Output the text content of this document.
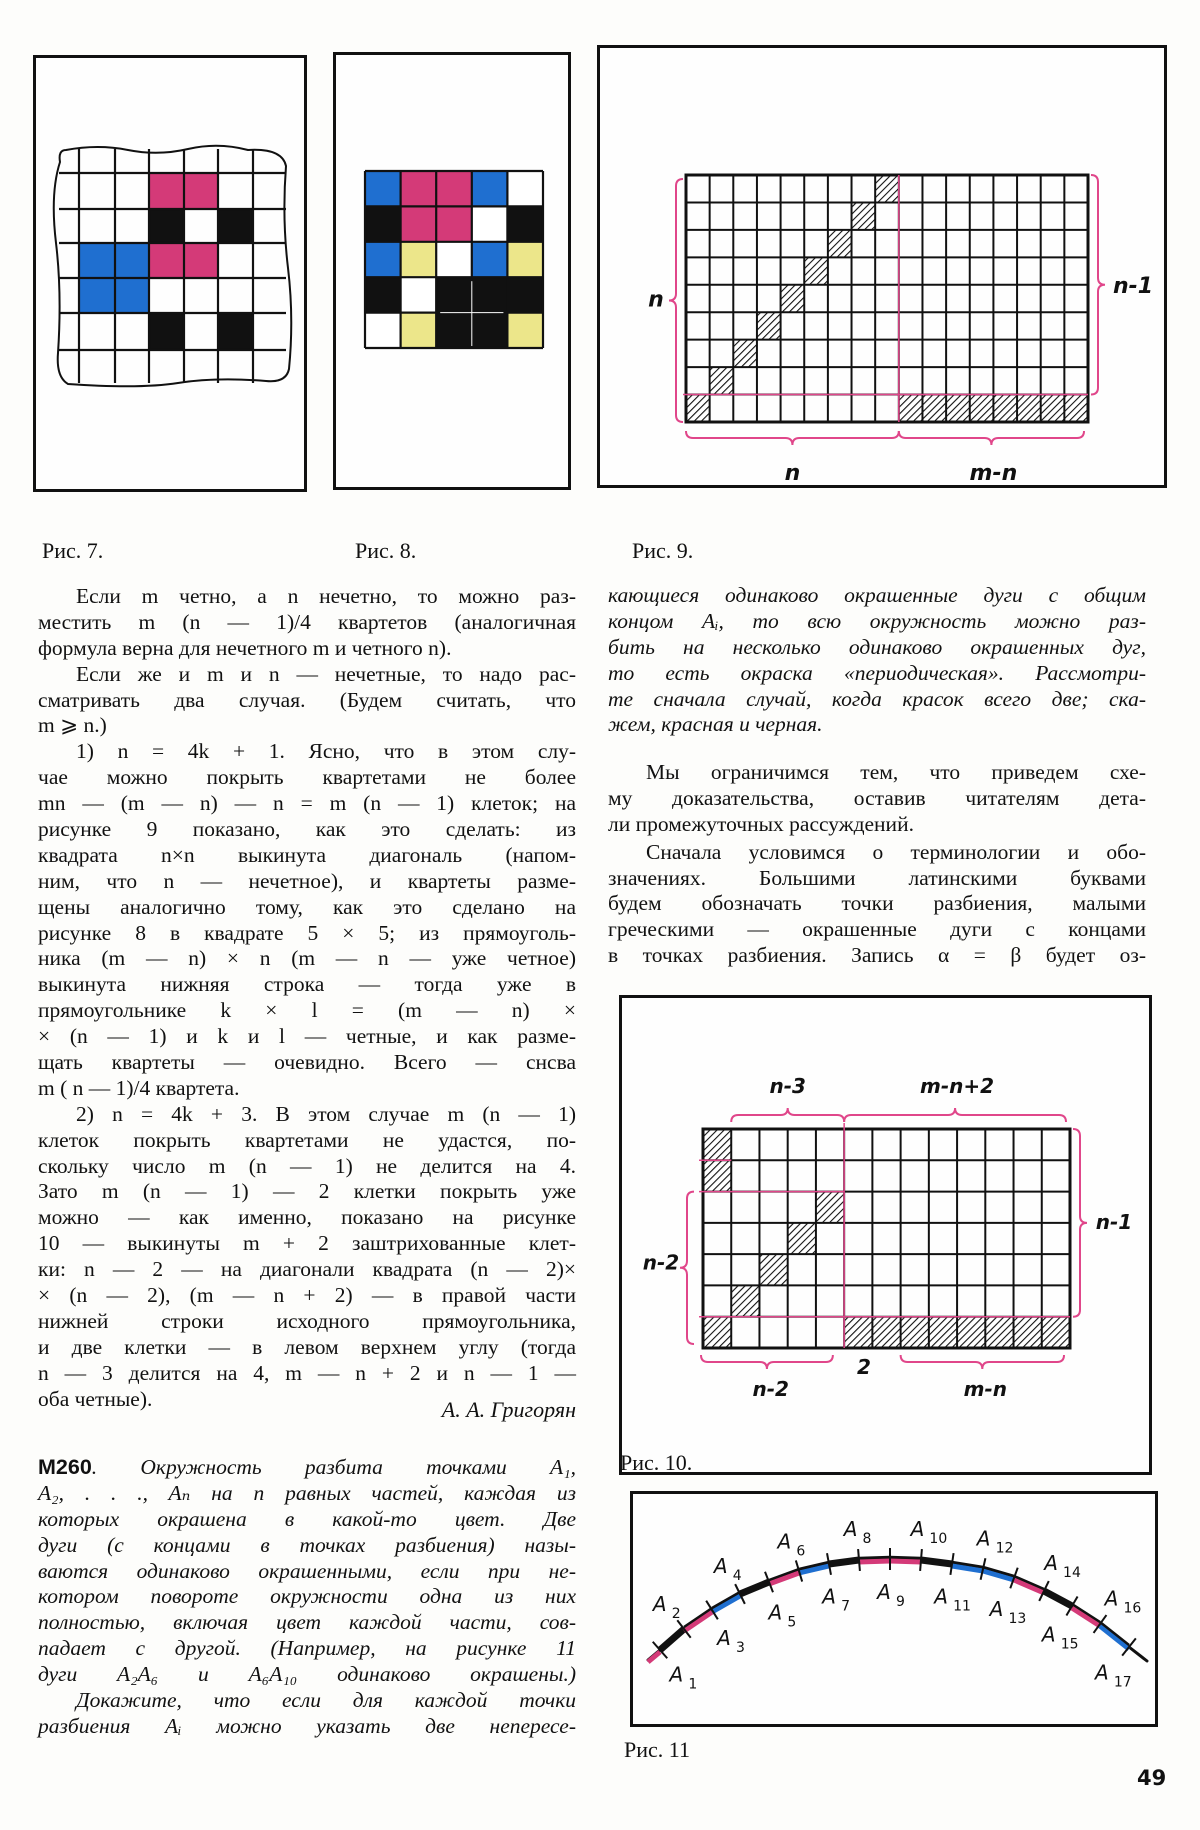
Рис. 7.	Рис. 8.
n
n-1
n	m-n
Рис. 9.
Если m четно, а n нечетно, то можно раз-
местить m (n — 1)/4 квартетов (аналогичная
формула верна для нечетного m и четного n).
Если же и m и n — нечетные, то надо рас-
сматривать два случая. (Будем считать, что
m ⩾ n.)
1) n = 4k + 1. Ясно, что в этом слу-
чае можно покрыть квартетами не более
mn — (m — n) — n = m (n — 1) клеток; на
рисунке 9 показано, как это сделать: из
квадрата n×n выкинута диагональ (напом-
ним, что n — нечетное), и квартеты разме-
щены аналогично тому, как это сделано на
рисунке 8 в квадрате 5 × 5; из прямоуголь-
ника (m — n) × n (m — n — уже четное)
выкинута нижняя строка — тогда уже в
прямоугольнике k × l = (m — n) ×
× (n — 1) и k и l — четные, и как разме-
щать квартеты — очевидно. Всего — снсва
m ( n — 1)/4 квартета.
2) n = 4k + 3. В этом случае m (n — 1)
клеток покрыть квартетами не удастся, по-
скольку число m (n — 1) не делится на 4.
Зато m (n — 1) — 2 клетки покрыть уже
можно — как именно, показано на рисунке
10 — выкинуты m + 2 заштрихованные клет-
ки: n — 2 — на диагонали квадрата (n — 2)×
× (n — 2), (m — n + 2) — в правой части
нижней строки исходного прямоугольника,
и две клетки — в левом верхнем углу (тогда
n — 3 делится на 4, m — n + 2 и n — 1 —
оба четные).	А. А. Григорян
М260. Окружность разбита точками A₁,
A₂, . . ., Aₙ на n равных частей, каждая из
которых окрашена в какой-то цвет. Две
дуги (с концами в точках разбиения) назы-
ваются одинаково окрашенными, если при не-
котором повороте окружности одна из них
полностью, включая цвет каждой части, сов-
падает с другой. (Например, на рисунке 11
дуги A₂A₆ и A₆A₁₀ одинаково окрашены.)
Докажите, что если для каждой точки
разбиения Aᵢ можно указать две непересе-
кающиеся одинаково окрашенные дуги с общим
концом Aᵢ, то всю окружность можно раз-
бить на несколько одинаково окрашенных дуг,
то есть окраска «периодическая». Рассмотри-
те сначала случай, когда красок всего две; ска-
жем, красная и черная.
Мы ограничимся тем, что приведем схе-
му доказательства, оставив читателям дета-
ли промежуточных рассуждений.
Сначала условимся о терминологии и обо-
значениях. Большими латинскими буквами
будем обозначать точки разбиения, малыми
греческими — окрашенные дуги с концами
в точках разбиения. Запись α = β будет оз-
n-3	m-n+2
n-2
n-1
n-2
2
m-n
Рис. 10.
A 1
A 2
A 3
A 4
A 5
A 6
A 7
A 8
A 9
A 10
A 11
A 12
A 13
A 14
A 15
A 16
A 17
Рис. 11
49
